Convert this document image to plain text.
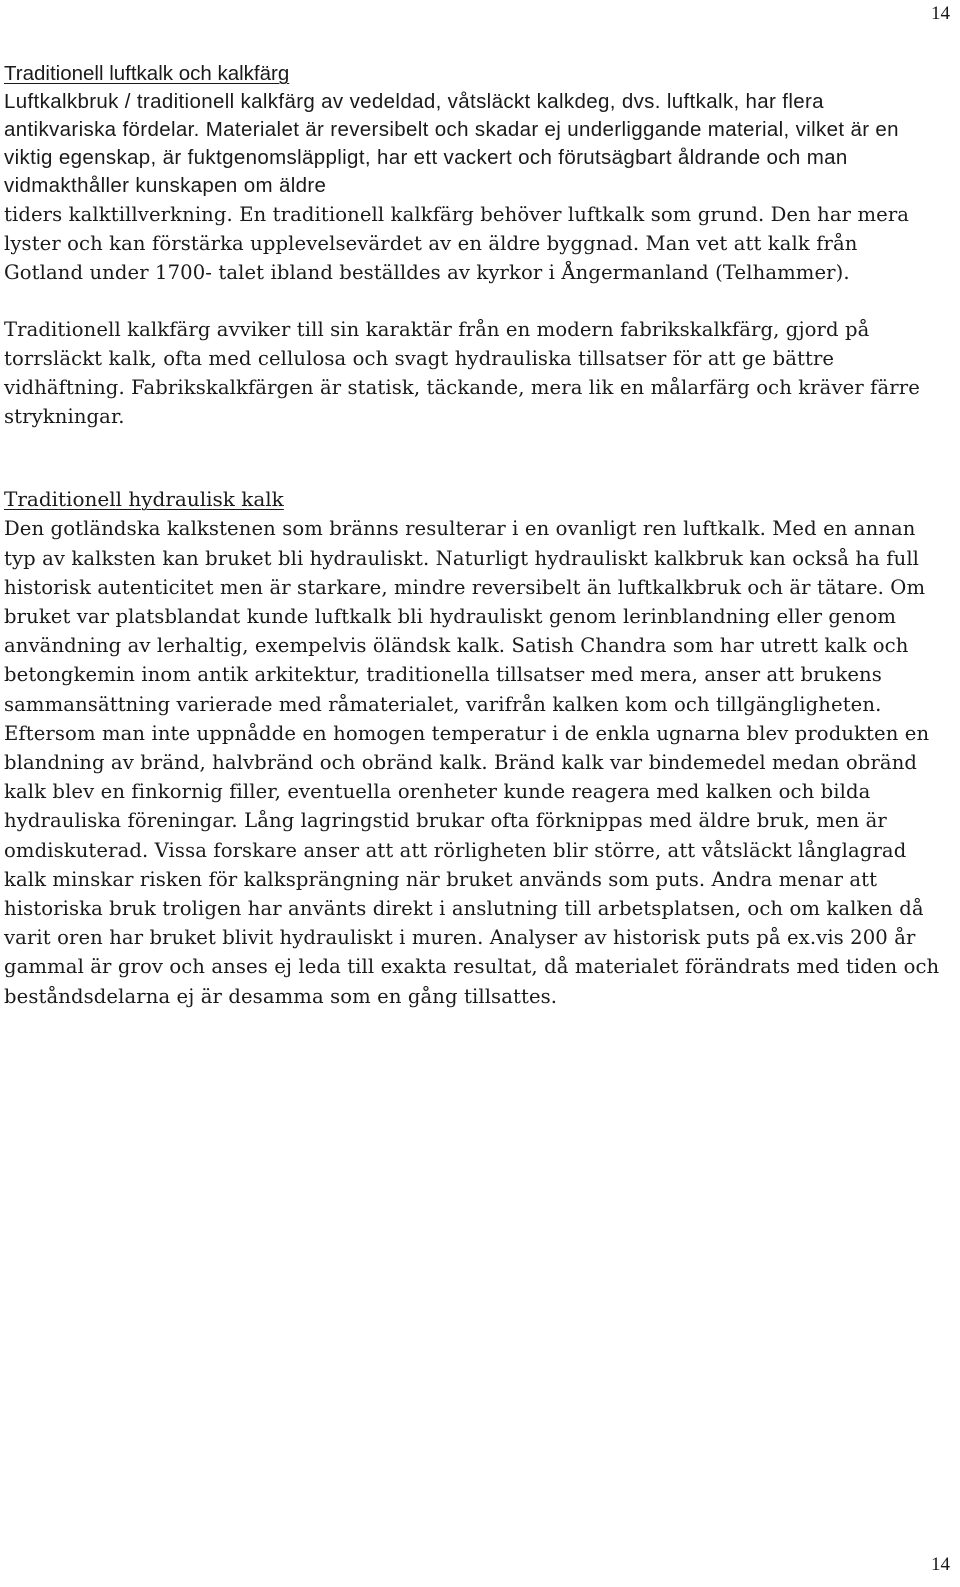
14

Traditionell luftkalk och kalkfärg

Luftkalkbruk / traditionell kalkfärg av vedeldad, våtsläckt kalkdeg, dvs. luftkalk, har flera antikvariska fördelar. Materialet är reversibelt och skadar ej underliggande material, vilket är en viktig egenskap, är fuktgenomsläppligt, har ett vackert och förutsägbart åldrande och man vidmakthåller kunskapen om äldre

tiders kalktillverkning. En traditionell kalkfärg behöver luftkalk som grund. Den har mera lyster och kan förstärka upplevelsevärdet av en äldre byggnad. Man vet att kalk från Gotland under 1700- talet ibland beställdes av kyrkor i Ångermanland (Telhammer).

Traditionell kalkfärg avviker till sin karaktär från en modern fabrikskalkfärg, gjord på torrsläckt kalk, ofta med cellulosa och svagt hydrauliska tillsatser för att ge bättre vidhäftning. Fabrikskalkfärgen är statisk, täckande, mera lik en målarfärg och kräver färre strykningar.

Traditionell hydraulisk kalk

Den gotländska kalkstenen som bränns resulterar i en ovanligt ren luftkalk. Med en annan typ av kalksten kan bruket bli hydrauliskt. Naturligt hydrauliskt kalkbruk kan också ha full historisk autenticitet men är starkare, mindre reversibelt än luftkalkbruk och är tätare. Om bruket var platsblandat kunde luftkalk bli hydrauliskt genom lerinblandning eller genom användning av lerhaltig, exempelvis öländsk kalk. Satish Chandra som har utrett kalk och betongkemin inom antik arkitektur, traditionella tillsatser med mera, anser att brukens sammansättning varierade med råmaterialet, varifrån kalken kom och tillgängligheten. Eftersom man inte uppnådde en homogen temperatur i de enkla ugnarna blev produkten en blandning av bränd, halvbränd och obränd kalk. Bränd kalk var bindemedel medan obränd kalk blev en finkornig filler, eventuella orenheter kunde reagera med kalken och bilda hydrauliska föreningar. Lång lagringstid brukar ofta förknippas med äldre bruk, men är omdiskuterad. Vissa forskare anser att att rörligheten blir större, att våtsläckt långlagrad kalk minskar risken för kalksprängning när bruket används som puts. Andra menar att historiska bruk troligen har använts direkt i anslutning till arbetsplatsen, och om kalken då varit oren har bruket blivit hydrauliskt i muren. Analyser av historisk puts på ex.vis 200 år gammal är grov och anses ej leda till exakta resultat, då materialet förändrats med tiden och beståndsdelarna ej är desamma som en gång tillsattes.

14
